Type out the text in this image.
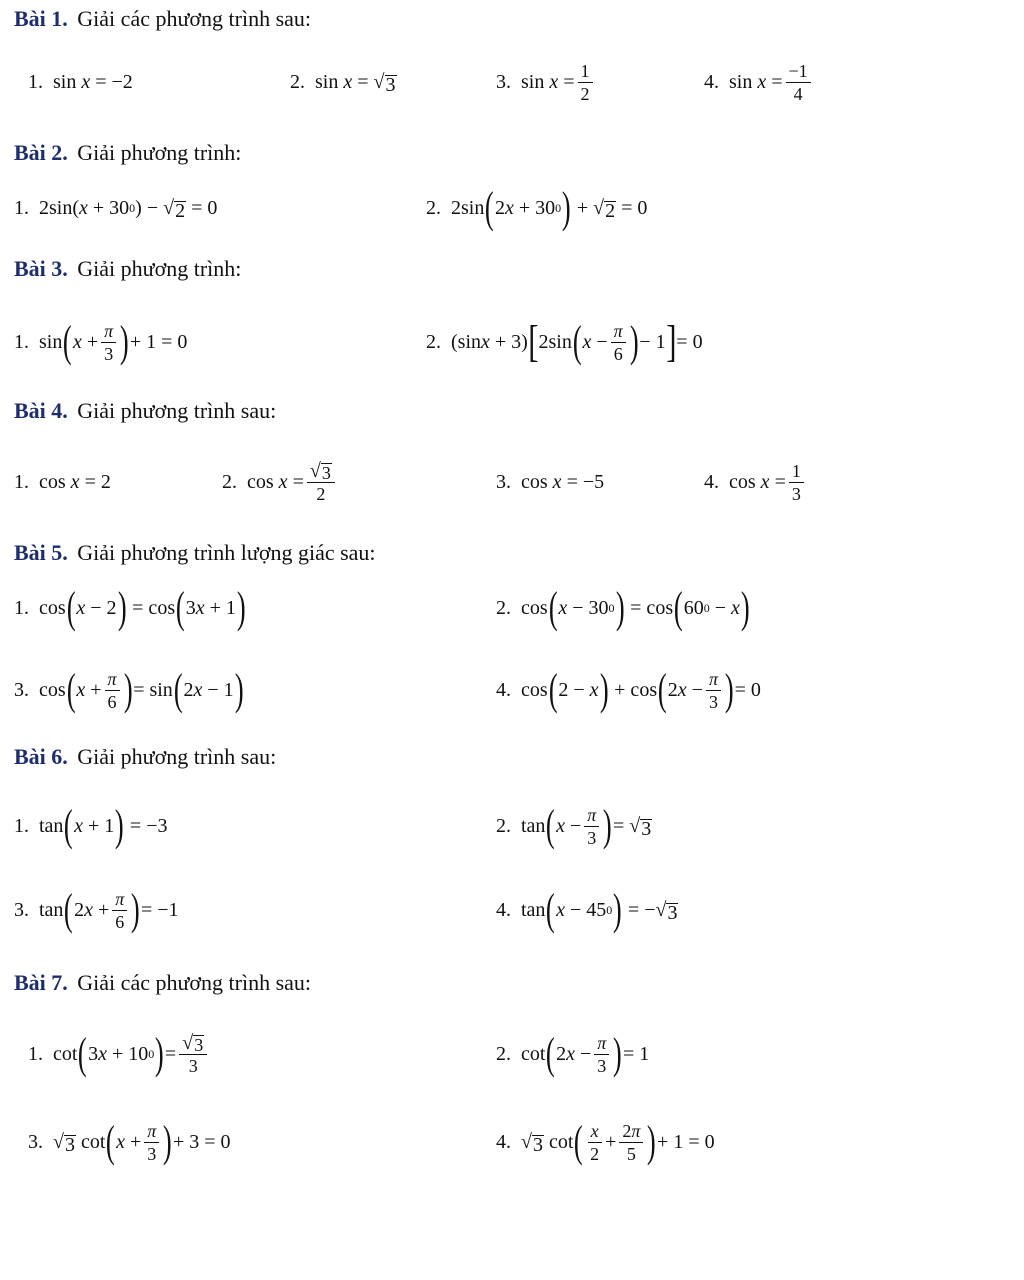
Bài 1. Giải các phương trình sau:
1. sin x = −2	2. sin x = √ 3	3. $\sin x = \frac{1}{2}$	4. $\sin x = \frac{-1}{4}$
Bài 2. Giải phương trình:
1. 2sin( x + 30 0 ) − √ 2 = 0	2. 2sin ( 2 x + 30 0 ) + √ 2 = 0
Bài 3. Giải phương trình:
1. sin ( $x + \frac{\pi}{3}$ ) + 1 = 0	2. (sin x + 3) [ 2sin ( $x - \frac{\pi}{6}$ ) − 1 ] = 0
Bài 4. Giải phương trình sau:
1. cos x = 2	2. $\cos x = \frac{√ 3}{2}$	3. cos x = −5	4. $\cos x = \frac{1}{3}$
Bài 5. Giải phương trình lượng giác sau:
1. cos ( x − 2 ) = cos ( 3 x + 1 )	2. cos ( x − 30 0 ) = cos ( 60 0 − x )
3. cos ( $x + \frac{\pi}{6}$ ) = sin ( 2 x − 1 )	4. cos ( 2 − x ) + cos ( 2 $x - \frac{\pi}{3}$ ) = 0
Bài 6. Giải phương trình sau:
1. tan ( x + 1 ) = −3	2. tan ( $x - \frac{\pi}{3}$ ) = √ 3
3. tan ( 2 $x + \frac{\pi}{6}$ ) = −1	4. tan ( x − 45 0 ) = − √ 3
Bài 7. Giải các phương trình sau:
1. cot ( 3 x + 10 0 ) = $\frac{√ 3}{3}$	2. cot ( 2 $x - \frac{\pi}{3}$ ) = 1
3. √ 3 cot ( $x + \frac{\pi}{3}$ ) + 3 = 0	4. √ 3 cot ( $\frac{x}{2} + \frac{2\pi}{5}$ ) + 1 = 0
